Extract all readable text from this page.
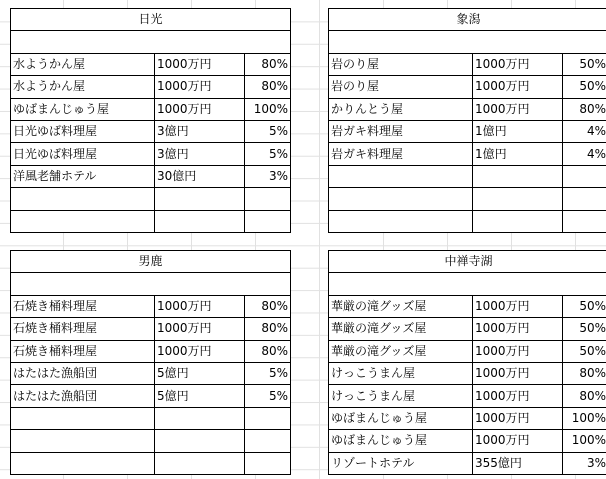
日光		

水ようかん屋	1000万円	80%
水ようかん屋	1000万円	80%
ゆばまんじゅう屋	1000万円	100%
日光ゆば料理屋	3億円	5%
日光ゆば料理屋	3億円	5%
洋風老舗ホテル	30億円	3%

象潟		

岩のり屋	1000万円	50%
岩のり屋	1000万円	50%
かりんとう屋	1000万円	80%
岩ガキ料理屋	1億円	4%
岩ガキ料理屋	1億円	4%

男鹿		

石焼き桶料理屋	1000万円	80%
石焼き桶料理屋	1000万円	80%
石焼き桶料理屋	1000万円	80%
はたはた漁船団	5億円	5%
はたはた漁船団	5億円	5%

中禅寺湖		

華厳の滝グッズ屋	1000万円	50%
華厳の滝グッズ屋	1000万円	50%
華厳の滝グッズ屋	1000万円	50%
けっこうまん屋	1000万円	80%
けっこうまん屋	1000万円	80%
ゆばまんじゅう屋	1000万円	100%
ゆばまんじゅう屋	1000万円	100%
リゾートホテル	355億円	3%
